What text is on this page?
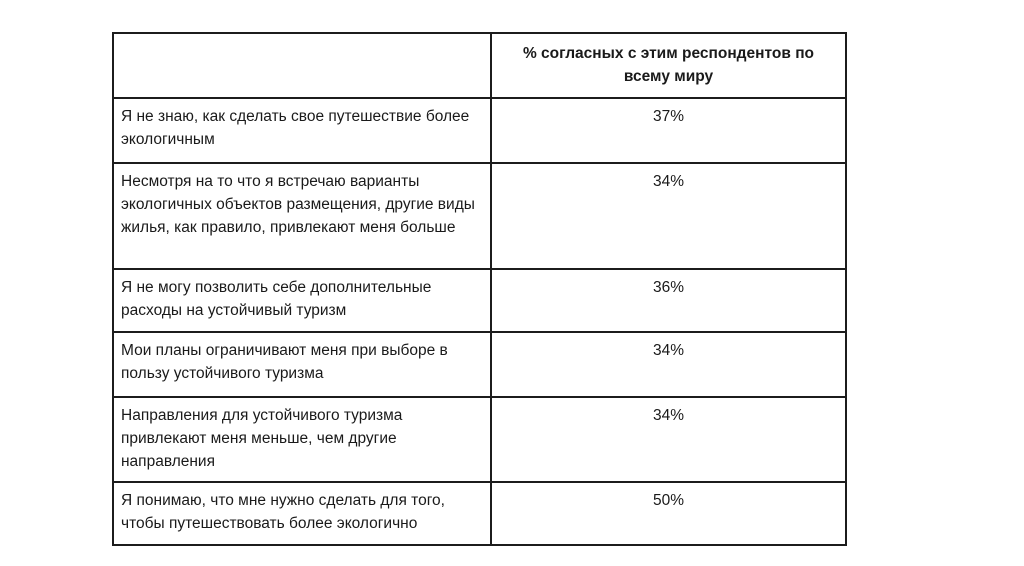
	% согласных с этим респондентов по всему миру
Я не знаю, как сделать свое путешествие более экологичным	37%
Несмотря на то что я встречаю варианты экологичных объектов размещения, другие виды жилья, как правило, привлекают меня больше	34%
Я не могу позволить себе дополнительные расходы на устойчивый туризм	36%
Мои планы ограничивают меня при выборе в пользу устойчивого туризма	34%
Направления для устойчивого туризма привлекают меня меньше, чем другие направления	34%
Я понимаю, что мне нужно сделать для того, чтобы путешествовать более экологично	50%
